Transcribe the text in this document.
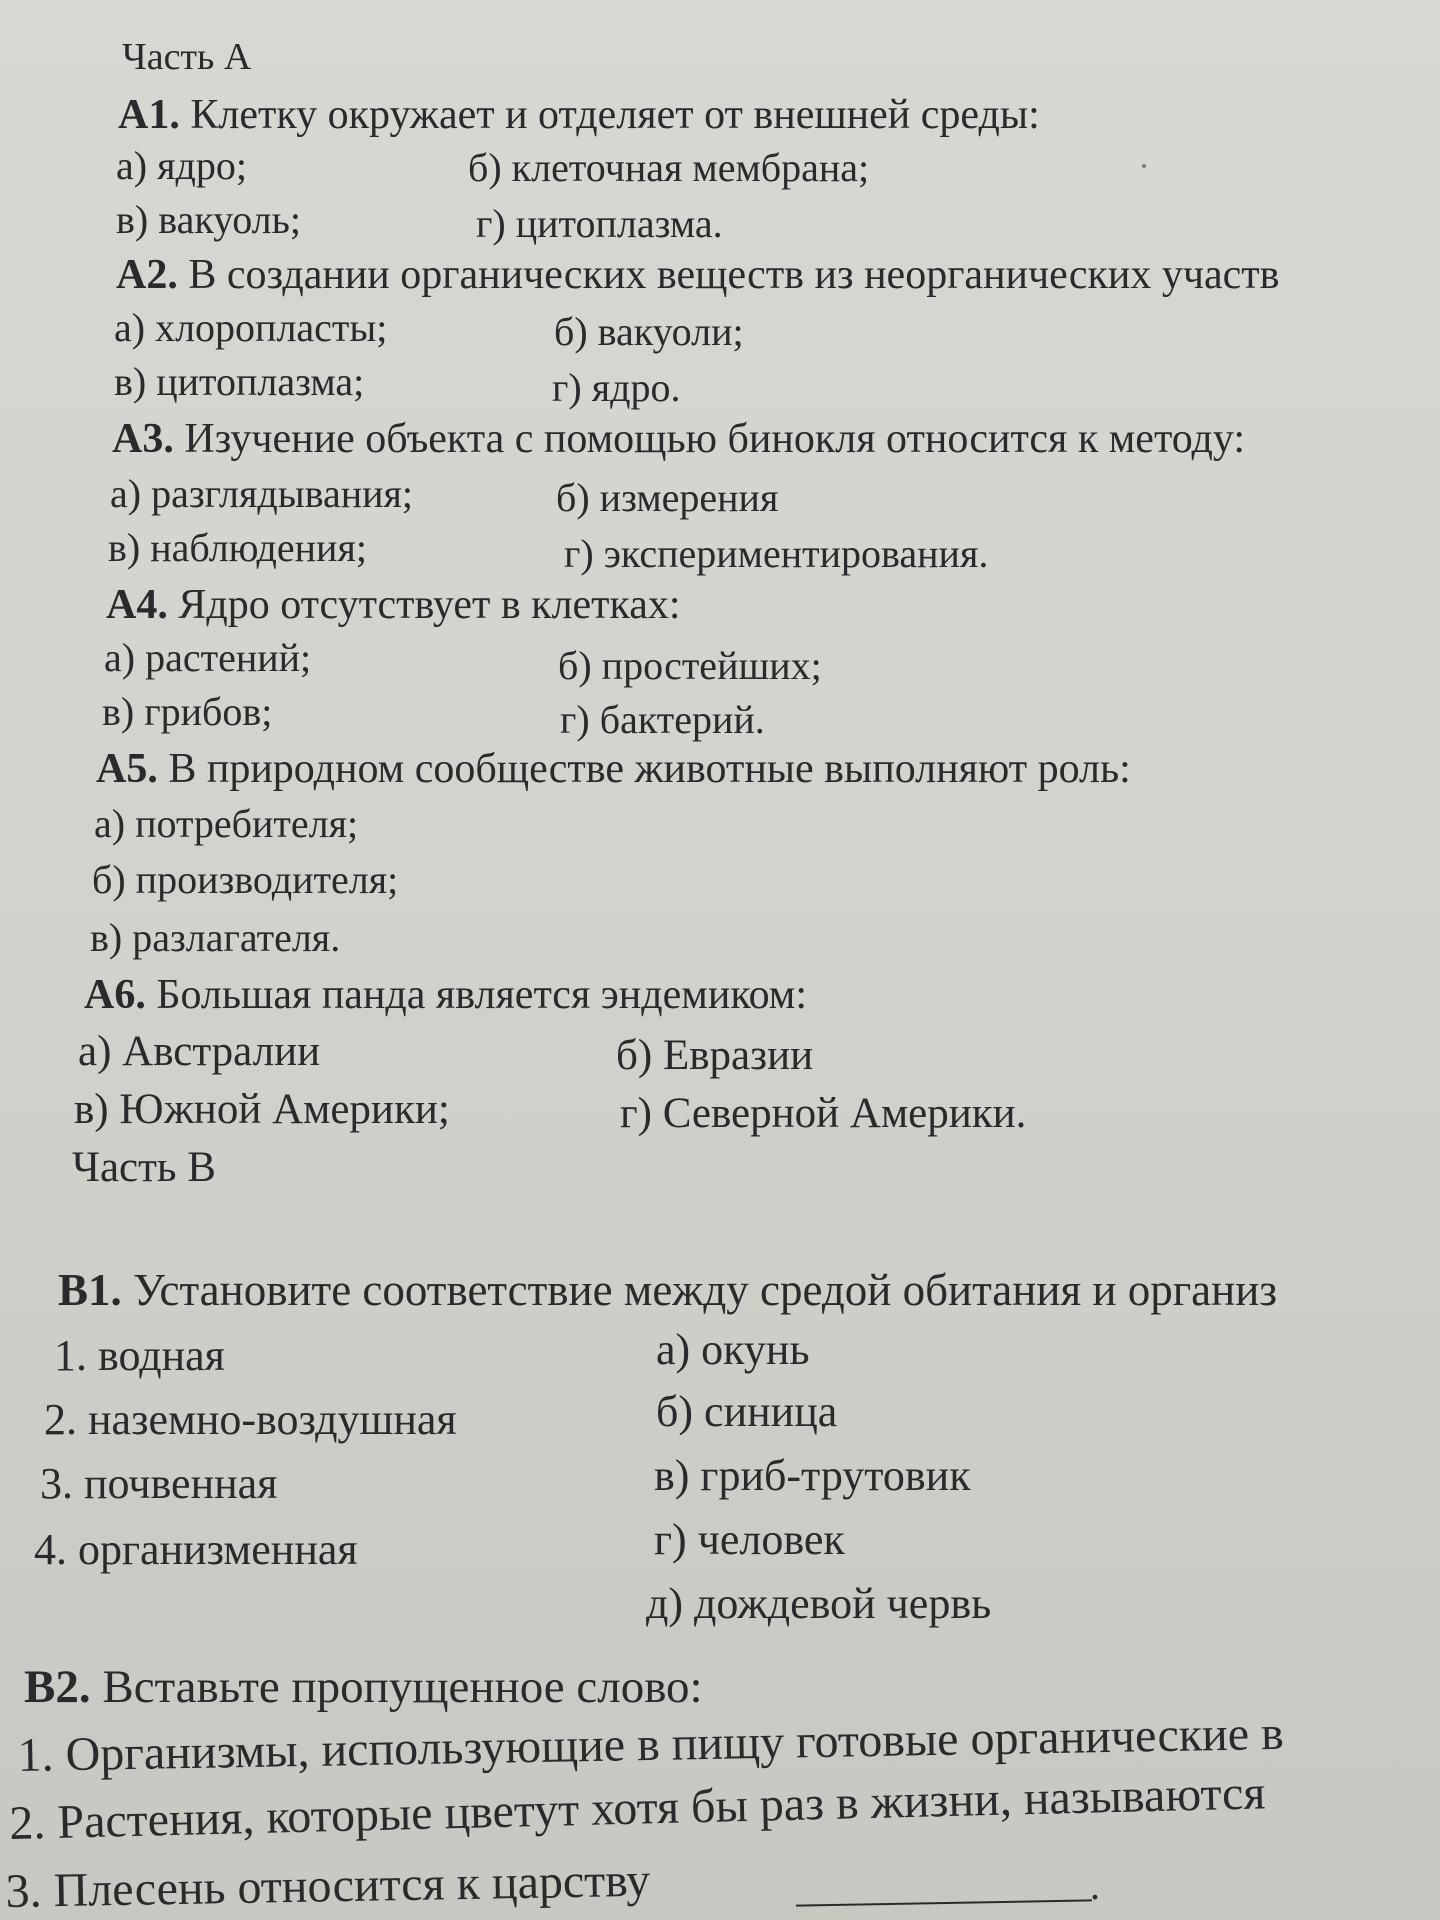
Часть А
А1. Клетку окружает и отделяет от внешней среды:
а) ядро;	б) клеточная мембрана;
в) вакуоль;	г) цитоплазма.
А2. В создании органических веществ из неорганических участв
а) хлоропласты;	б) вакуоли;
в) цитоплазма;	г) ядро.
А3. Изучение объекта с помощью бинокля относится к методу:
а) разглядывания;	б) измерения
в) наблюдения;	г) экспериментирования.
А4. Ядро отсутствует в клетках:
а) растений;	б) простейших;
в) грибов;	г) бактерий.
А5. В природном сообществе животные выполняют роль:
а) потребителя;
б) производителя;
в) разлагателя.
А6. Большая панда является эндемиком:
а) Австралии	б) Евразии
в) Южной Америки;	г) Северной Америки.
Часть В
В1. Установите соответствие между средой обитания и организ
1. водная
2. наземно-воздушная
3. почвенная
4. организменная
а) окунь
б) синица
в) гриб-трутовик
г) человек
д) дождевой червь
В2. Вставьте пропущенное слово:
1. Организмы, использующие в пищу готовые органические в
2. Растения, которые цветут хотя бы раз в жизни, называются
3. Плесень относится к царству	.
